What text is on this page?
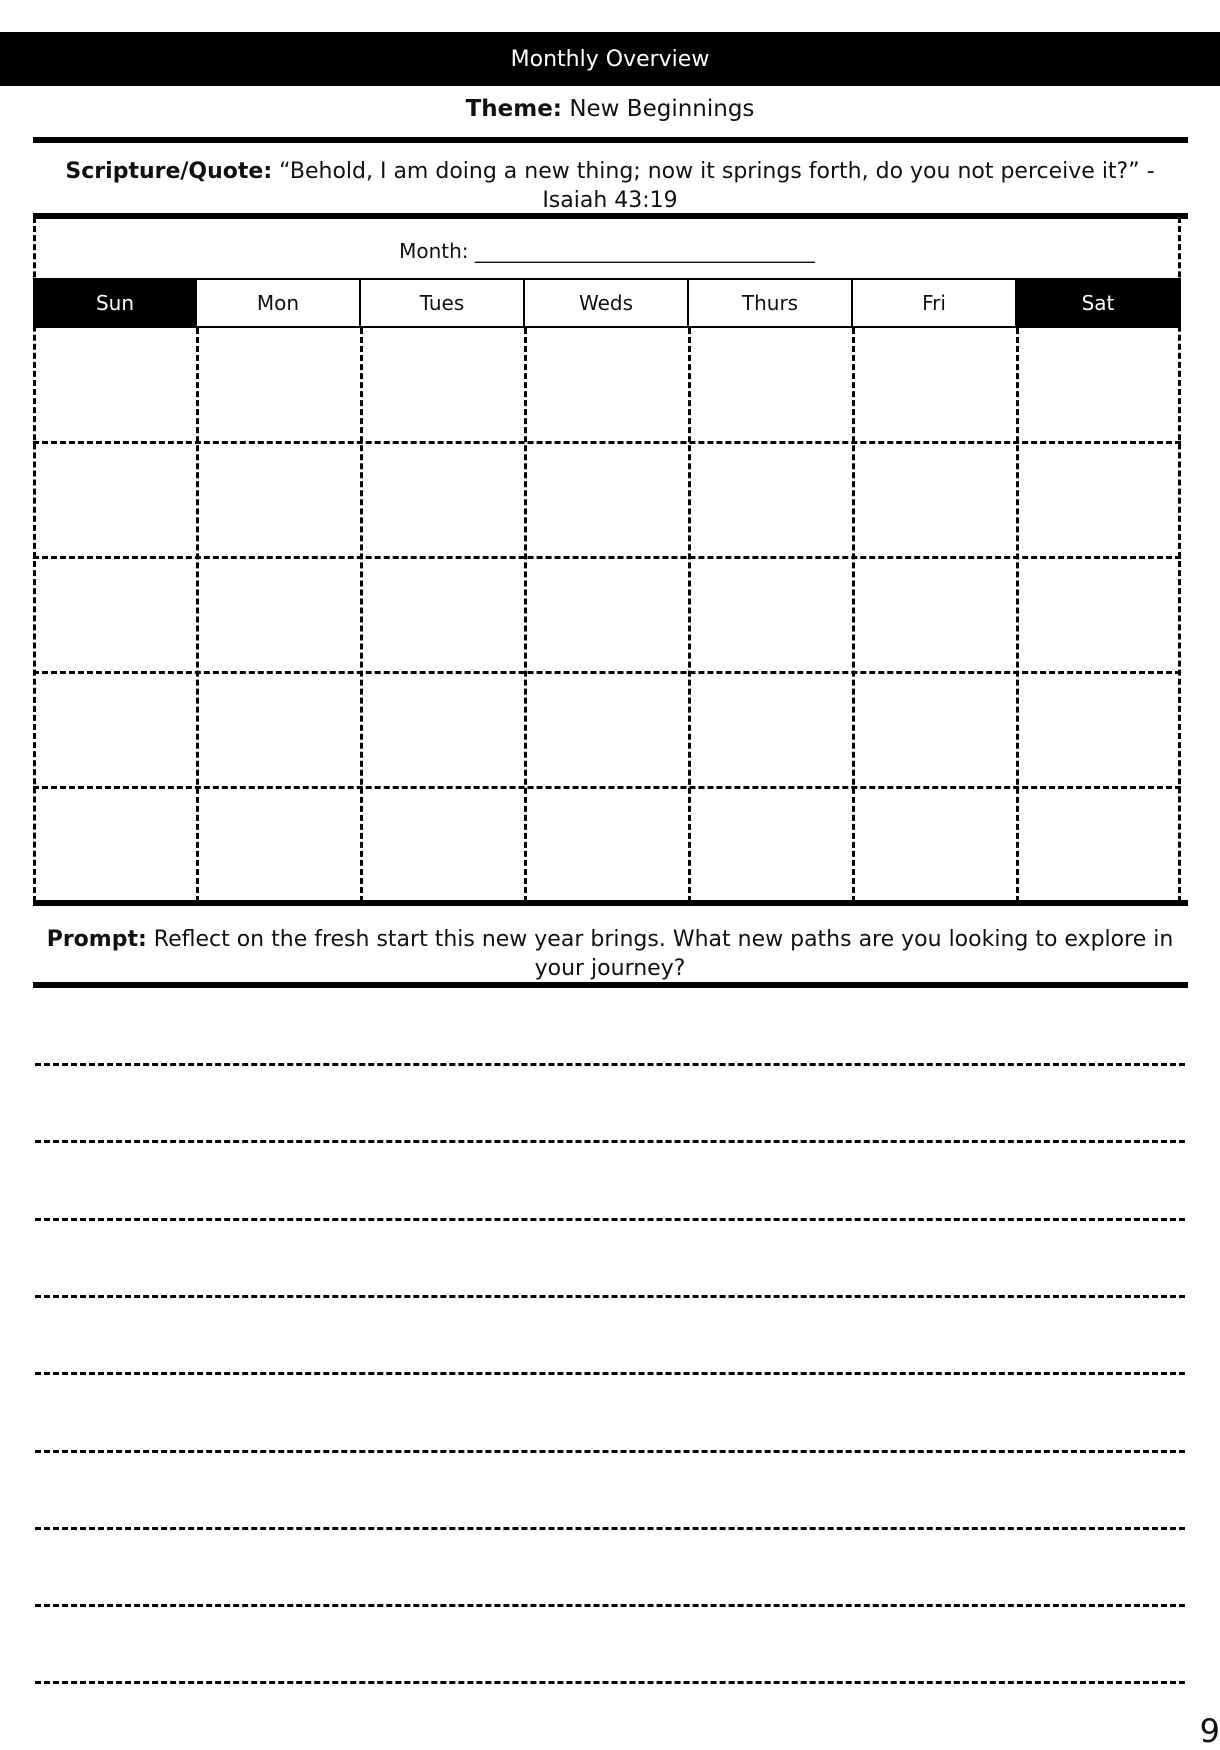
Monthly Overview
Theme: New Beginnings
Scripture/Quote: “Behold, I am doing a new thing; now it springs forth, do you not perceive it?” - Isaiah 43:19
Month: __________________________________
Sun	Mon	Tues	Weds	Thurs	Fri	Sat
Prompt: Reflect on the fresh start this new year brings. What new paths are you looking to explore in your journey?
9
